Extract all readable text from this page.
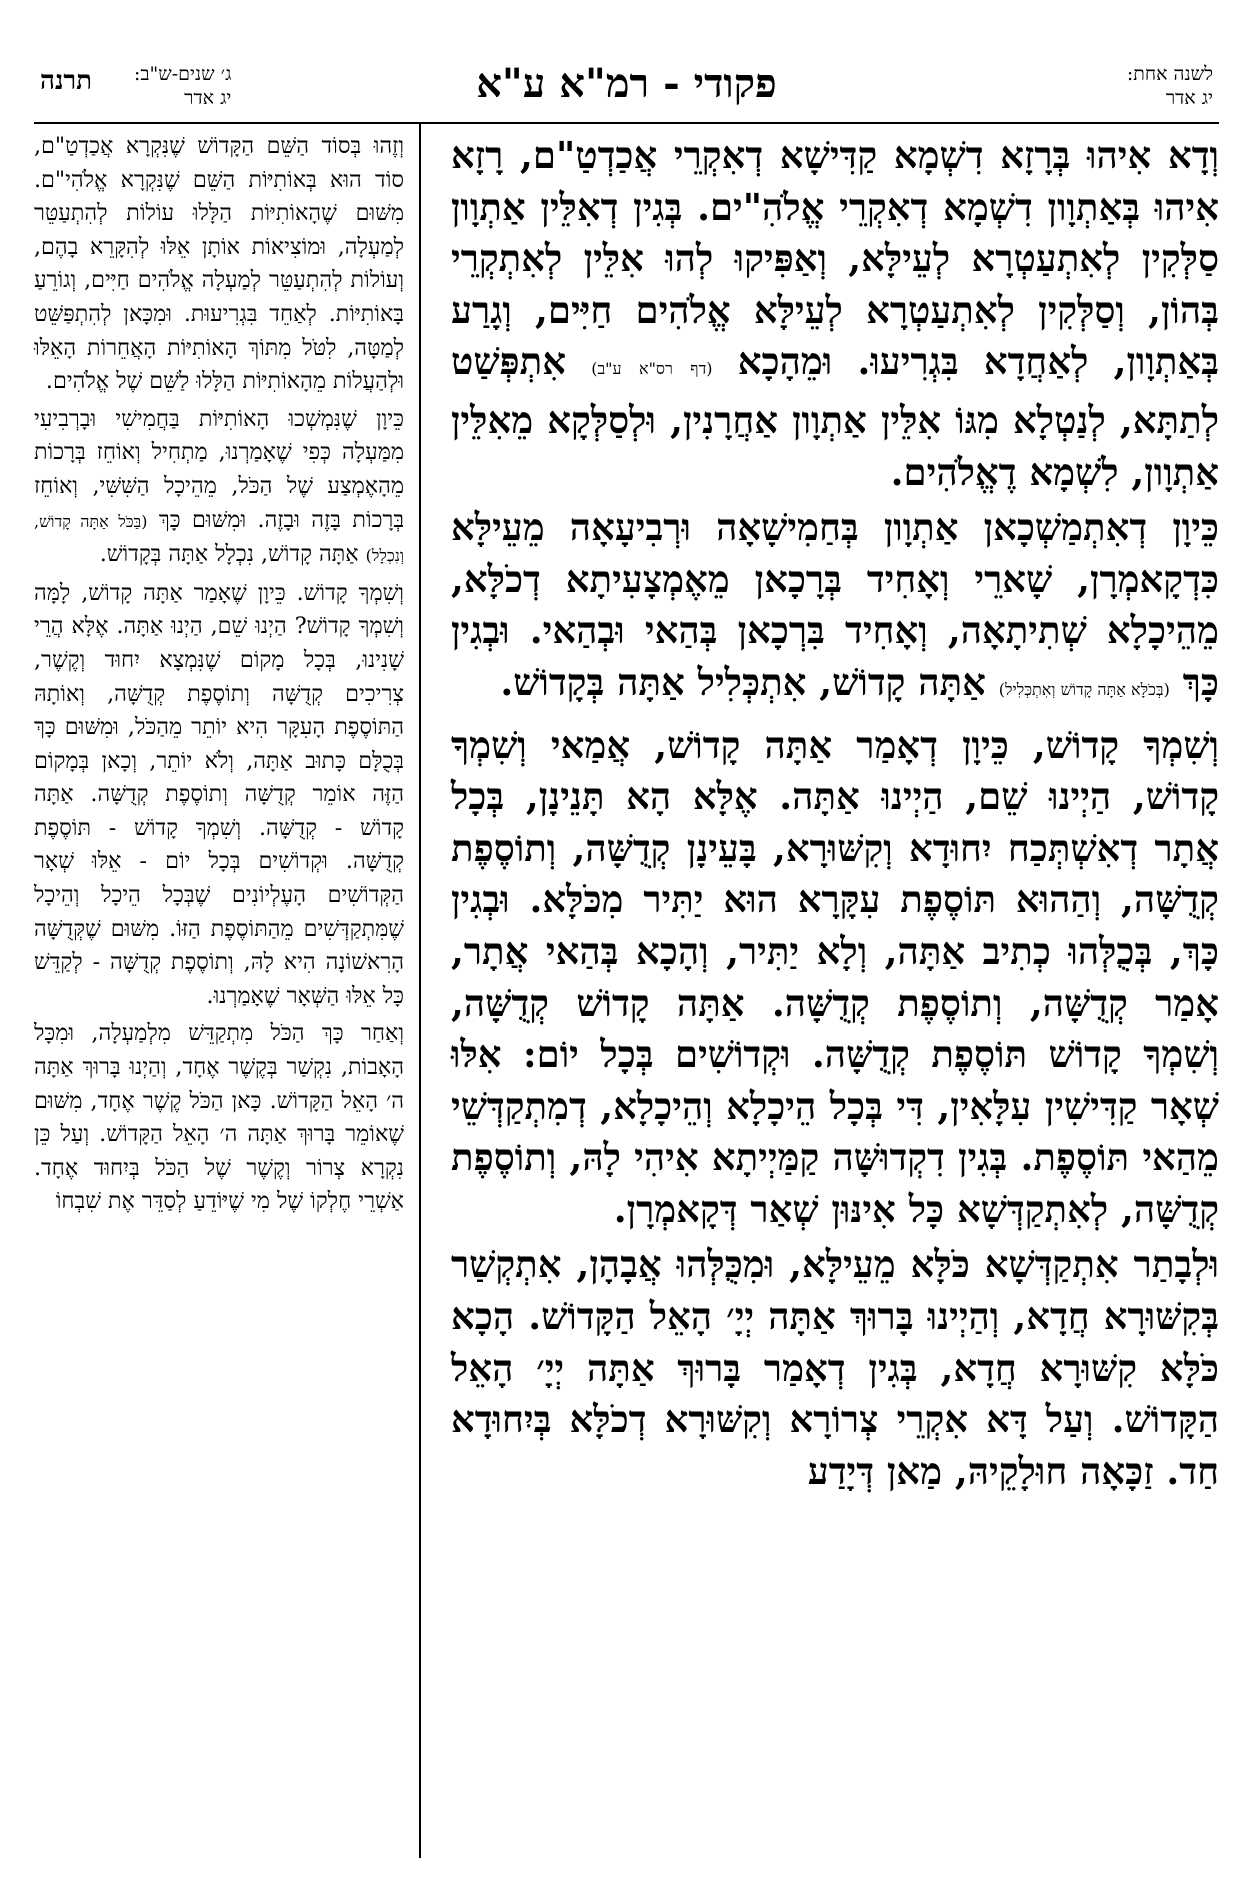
לשנה אחת:
יג אדר
פקודי - רמ"א ע"א
ג׳ שנים-ש"ב:
יג אדר
תרנה

וְדָא אִיהוּ בְּרָזָא דִשְׁמָא קַדִּישָׁא דְאִקְרֵי אֲכַדְטַ"ם, רָזָא אִיהוּ בְּאַתְוָון דִשְׁמָא דְאִקְרֵי אֱלֹהִ"ים. בְּגִין דְאִלֵּין אַתְוָון סַלְּקִין לְאִתְעַטְרָא לְעֵילָּא, וְאַפִּיקוּ לְהוּ אִלֵּין לְאִתְקְרֵי בְּהוֹן, וְסַלְּקִין לְאִתְעַטְרָא לְעֵילָּא אֱלֹהִים חַיִּים, וְגָרַע בְּאַתְוָון, לְאַחֲדָא בִּגְרִיעוּ. וּמֵהָכָא (דף רס"א ע"ב) אִתְפְּשַׁט לְתַתָּא, לְנַטְלָא מִגּוֹ אִלֵּין אַתְוָון אַחֲרָנִין, וּלְסַלְּקָא מֵאִלֵּין אַתְוָון, לִשְׁמָא דֶאֱלֹהִים.

כֵּיוָן דְאִתְמַשְׁכָאן אַתְוָון בְּחַמִישָׁאָה וּרְבִיעָאָה מֵעֵילָּא כִּדְקָאמְרָן, שָׁארֵי וְאָחִיד בְּרָכָאן מֵאֶמְצָעִיתָא דְכֹלָּא, מֵהֵיכָלָא שְׁתִיתָאָה, וְאָחִיד בִּרְכָאן בְּהַאי וּבְהַאי. וּבְגִין כָּךְ (בְּכֹלָּא אַתָּה קָדוֹשׁ וְאִתְכְּלִיל) אַתָּה קָדוֹשׁ, אִתְכְּלִיל אַתָּה בְּקָדוֹשׁ.

וְשִׁמְךָ קָדוֹשׁ, כֵּיוָן דְאָמַר אַתָּה קָדוֹשׁ, אֲמַאי וְשִׁמְךָ קָדוֹשׁ, הַיְינוּ שֵׁם, הַיְינוּ אַתָּה. אֶלָּא הָא תָּנֵינָן, בְּכָל אֲתָר דְאִשְׁתְּכַח יִחוּדָא וְקִשּׁוּרָא, בָּעֵינָן קְדֻשָּׁה, וְתוֹסֶפֶת קְדֻשָּׁה, וְהַהוּא תּוֹסֶפֶת עִקָּרָא הוּא יַתִּיר מִכֹּלָּא. וּבְגִין כָּךְ, בְּכֻלְּהוּ כְתִיב אַתָּה, וְלָא יַתִּיר, וְהָכָא בְּהַאי אֲתָר, אָמַר קְדֻשָּׁה, וְתוֹסֶפֶת קְדֻשָּׁה. אַתָּה קָדוֹשׁ קְדֻשָּׁה, וְשִׁמְךָ קָדוֹשׁ תּוֹסֶפֶת קְדֻשָּׁה. וּקְדוֹשִׁים בְּכָל יוֹם: אִלּוּ שְׁאָר קַדִּישִׁין עִלָּאִין, דִּי בְּכָל הֵיכָלָא וְהֵיכָלָא, דְמִתְקַדְּשֵׁי מֵהַאי תּוֹסֶפֶת. בְּגִין דִקְדוּשָּׁה קַמַּיְיתָא אִיהִי לָהּ, וְתוֹסֶפֶת קְדֻשָּׁה, לְאִתְקַדְּשָׁא כָּל אִינּוּן שְׁאַר דְּקָאמְרָן.

וּלְבָתַר אִתְקַדְּשָׁא כֹּלָּא מֵעֵילָּא, וּמִכֻּלְּהוּ אֲבָהָן, אִתְקְשַׁר בְּקִשּׁוּרָא חֲדָא, וְהַיְינוּ בָּרוּךְ אַתָּה יְיָ׳ הָאֵל הַקָּדוֹשׁ. הָכָא כֹּלָּא קִשּׁוּרָא חֲדָא, בְּגִין דְאָמַר בָּרוּךְ אַתָּה יְיָ׳ הָאֵל הַקָּדוֹשׁ. וְעַל דָּא אִקְרֵי צְרוֹרָא וְקִשּׁוּרָא דְכֹלָּא בְּיִחוּדָא חַד. זַכָּאָה חוּלָקֵיהּ, מַאן דְּיָדַע

וְזֶהוּ בְּסוֹד הַשֵּׁם הַקָּדוֹשׁ שֶׁנִּקְרָא אֲכַדְטַ"ם, סוֹד הוּא בְּאוֹתִיּוֹת הַשֵּׁם שֶׁנִּקְרָא אֱלֹהִי"ם. מִשּׁוּם שֶׁהָאוֹתִיּוֹת הַלָּלוּ עוֹלוֹת לְהִתְעַטֵּר לְמַעְלָה, וּמוֹצִיאוֹת אוֹתָן אֵלּוּ לְהִקָּרֵא בָהֶם, וְעוֹלוֹת לְהִתְעַטֵּר לְמַעְלָה אֱלֹהִים חַיִּים, וְגוֹרֵעַ בָּאוֹתִיּוֹת. לְאַחֵד בִּגְרִיעוּת. וּמִכָּאן לְהִתְפַּשֵּׁט לְמַטָּה, לִטֹּל מִתּוֹךְ הָאוֹתִיּוֹת הָאֲחֵרוֹת הָאֵלּוּ וּלְהַעֲלוֹת מֵהָאוֹתִיּוֹת הַלָּלוּ לַשֵּׁם שֶׁל אֱלֹהִים.

כֵּיוָן שֶׁנִּמְשְׁכוּ הָאוֹתִיּוֹת בַּחֲמִישִׁי וּבָרְבִיעִי מִמַּעְלָה כְּפִי שֶׁאָמַרְנוּ, מַתְחִיל וְאוֹחֵז בְּרָכוֹת מֵהָאֶמְצַע שֶׁל הַכֹּל, מֵהֵיכָל הַשִּׁשִּׁי, וְאוֹחֵז בְּרָכוֹת בָּזֶה וּבָזֶה. וּמִשּׁוּם כָּךְ (בַּכֹּל אַתָּה קָדוֹשׁ, וְנִכְלָל) אַתָּה קָדוֹשׁ, נִכְלָל אַתָּה בְּקָדוֹשׁ.

וְשִׁמְךָ קָדוֹשׁ. כֵּיוָן שֶׁאָמַר אַתָּה קָדוֹשׁ, לָמָּה וְשִׁמְךָ קָדוֹשׁ? הַיְנוּ שֵׁם, הַיְנוּ אַתָּה. אֶלָּא הֲרֵי שָׁנִינוּ, בְּכָל מָקוֹם שֶׁנִּמְצָא יִחוּד וְקֶשֶׁר, צְרִיכִים קְדֻשָּׁה וְתוֹסֶפֶת קְדֻשָּׁה, וְאוֹתָהּ הַתּוֹסֶפֶת הָעִקָּר הִיא יוֹתֵר מֵהַכֹּל, וּמִשּׁוּם כָּךְ בְּכֻלָּם כָּתוּב אַתָּה, וְלֹא יוֹתֵר, וְכָאן בְּמָקוֹם הַזֶּה אוֹמֵר קְדֻשָּׁה וְתוֹסֶפֶת קְדֻשָּׁה. אַתָּה קָדוֹשׁ - קְדֻשָּׁה. וְשִׁמְךָ קָדוֹשׁ - תּוֹסֶפֶת קְדֻשָּׁה. וּקְדוֹשִׁים בְּכָל יוֹם - אֵלּוּ שְׁאָר הַקְּדוֹשִׁים הָעֶלְיוֹנִים שֶׁבְּכָל הֵיכָל וְהֵיכָל שֶׁמִּתְקַדְּשִׁים מֵהַתּוֹסֶפֶת הַזּוֹ. מִשּׁוּם שֶׁקְּדֻשָּׁה הָרִאשׁוֹנָה הִיא לָהּ, וְתוֹסֶפֶת קְדֻשָּׁה - לְקַדֵּשׁ כָּל אֵלּוּ הַשְּׁאָר שֶׁאָמַרְנוּ.

וְאַחַר כָּךְ הַכֹּל מִתְקַדֵּשׁ מִלְמַעְלָה, וּמִכָּל הָאָבוֹת, נִקְשַׁר בְּקֶשֶׁר אֶחָד, וְהַיְנוּ בָּרוּךְ אַתָּה ה׳ הָאֵל הַקָּדוֹשׁ. כָּאן הַכֹּל קֶשֶׁר אֶחָד, מִשּׁוּם שֶׁאוֹמֵר בָּרוּךְ אַתָּה ה׳ הָאֵל הַקָּדוֹשׁ. וְעַל כֵּן נִקְרָא צְרוֹר וְקֶשֶׁר שֶׁל הַכֹּל בְּיִחוּד אֶחָד. אַשְׁרֵי חֶלְקוֹ שֶׁל מִי שֶׁיּוֹדֵעַ לְסַדֵּר אֶת שִׁבְחוֹ
